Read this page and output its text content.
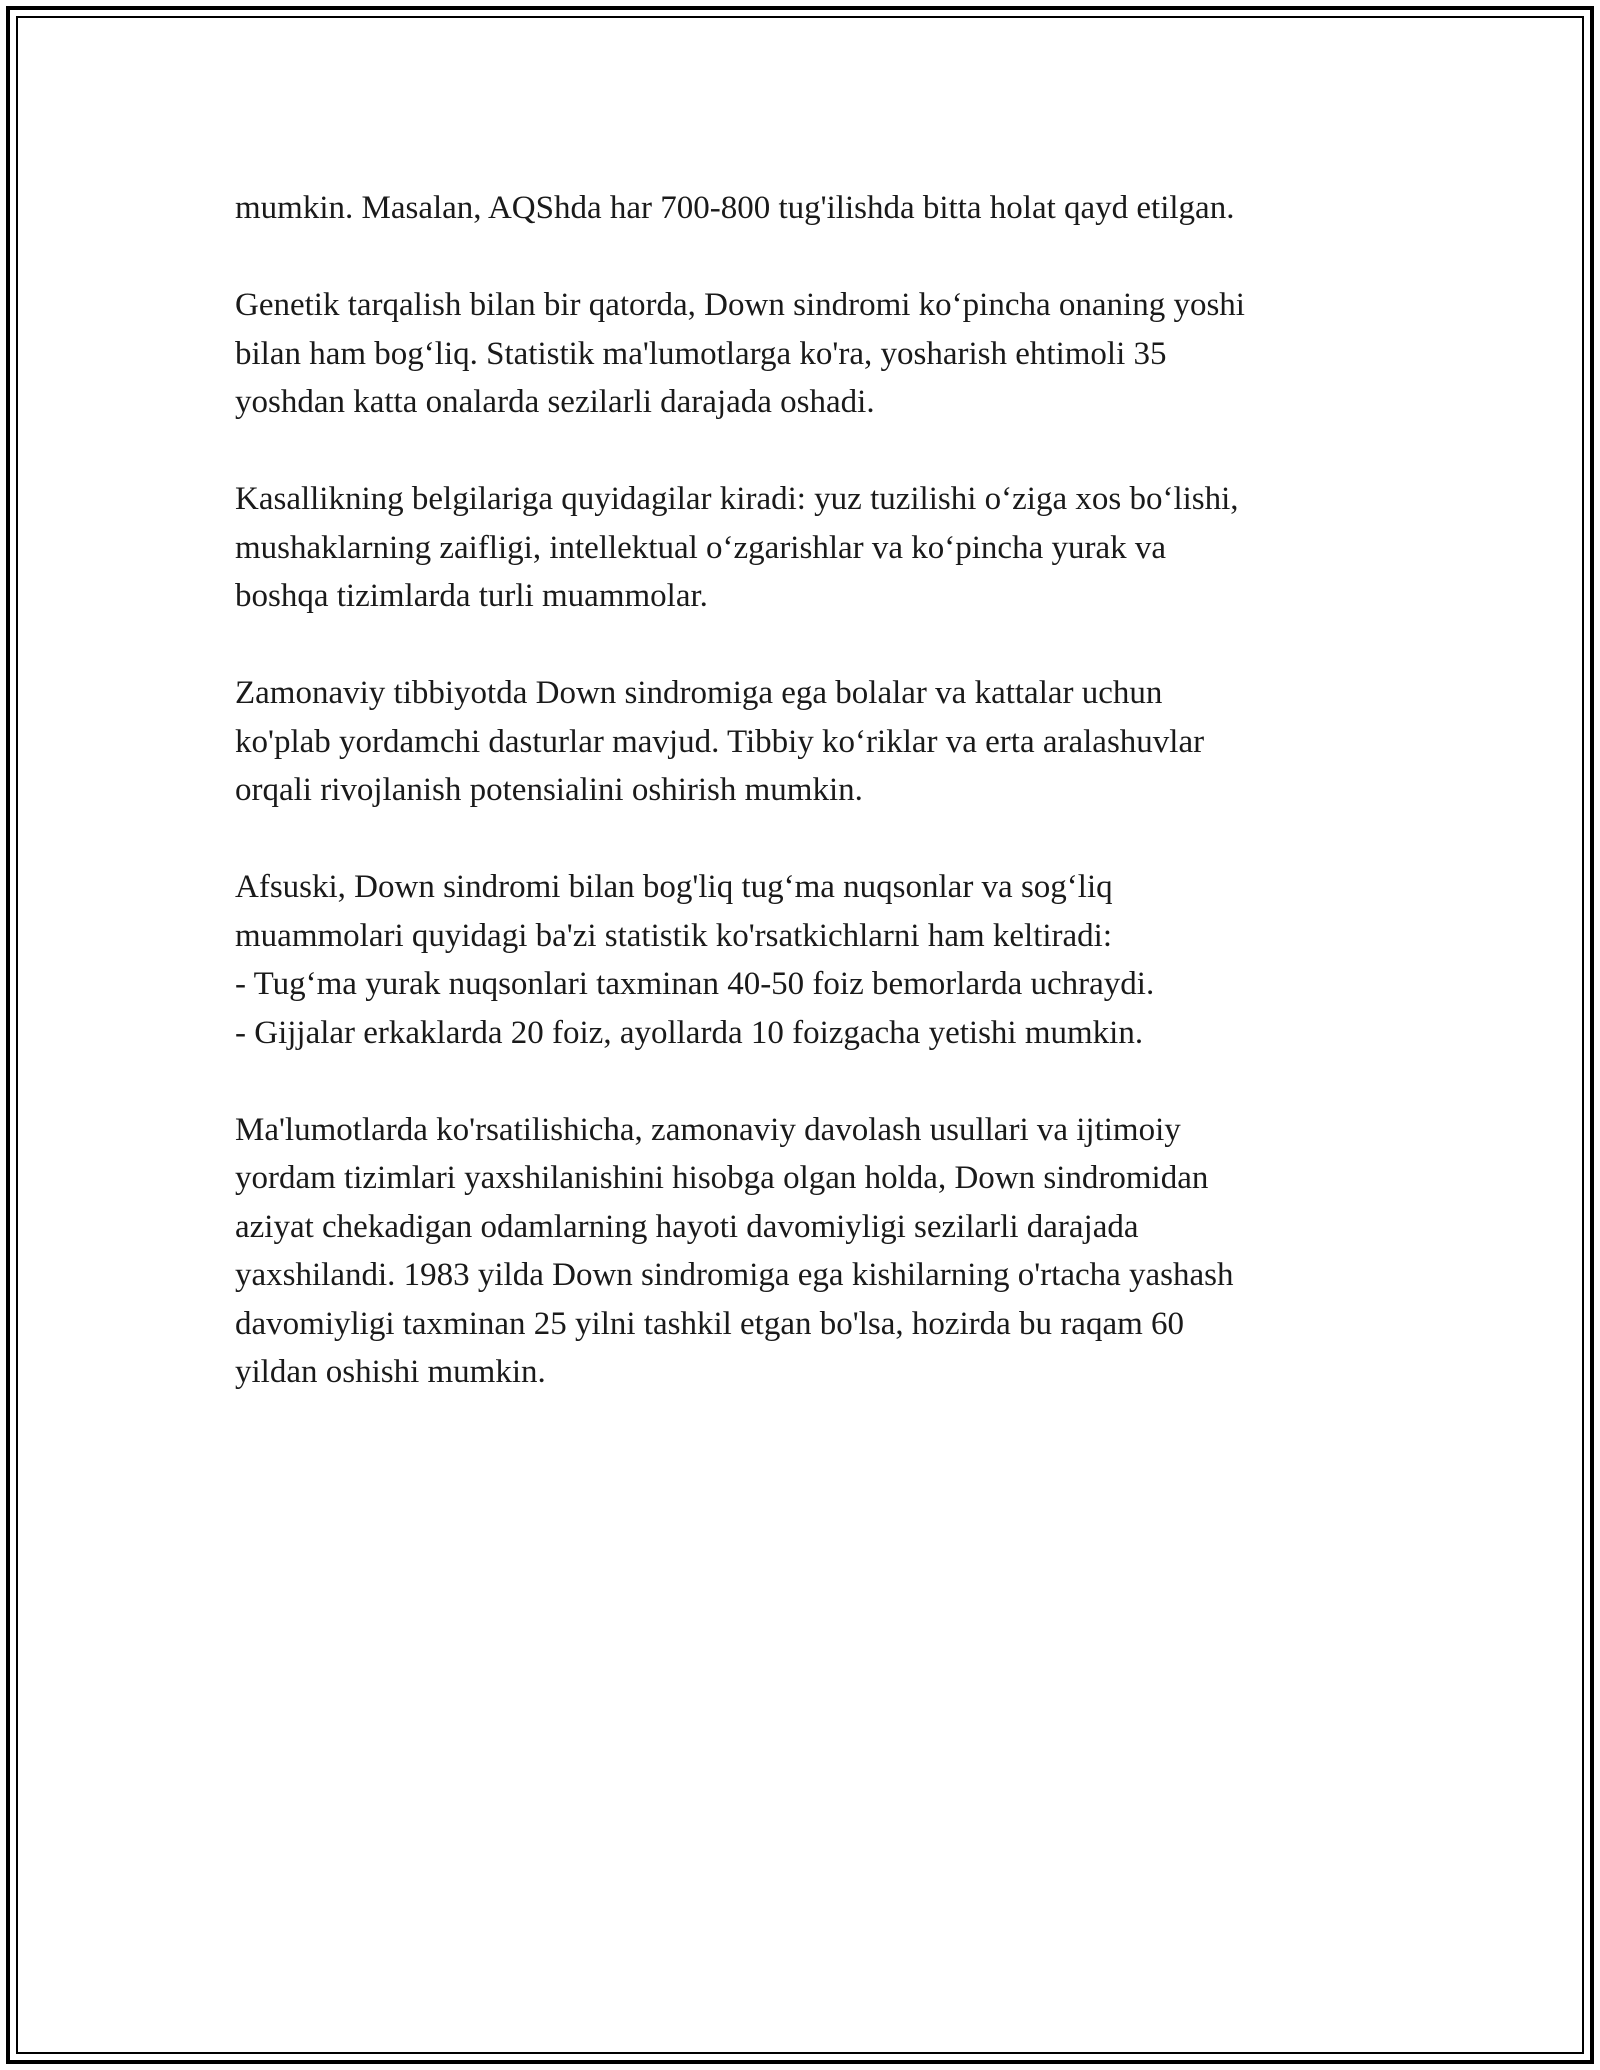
mumkin. Masalan, AQShda har 700-800 tug'ilishda bitta holat qayd etilgan.

Genetik tarqalish bilan bir qatorda, Down sindromi ko‘pincha onaning yoshi
bilan ham bog‘liq. Statistik ma'lumotlarga ko'ra, yosharish ehtimoli 35
yoshdan katta onalarda sezilarli darajada oshadi.

Kasallikning belgilariga quyidagilar kiradi: yuz tuzilishi o‘ziga xos bo‘lishi,
mushaklarning zaifligi, intellektual o‘zgarishlar va ko‘pincha yurak va
boshqa tizimlarda turli muammolar.

Zamonaviy tibbiyotda Down sindromiga ega bolalar va kattalar uchun
ko'plab yordamchi dasturlar mavjud. Tibbiy ko‘riklar va erta aralashuvlar
orqali rivojlanish potensialini oshirish mumkin.

Afsuski, Down sindromi bilan bog'liq tug‘ma nuqsonlar va sog‘liq
muammolari quyidagi ba'zi statistik ko'rsatkichlarni ham keltiradi:
- Tug‘ma yurak nuqsonlari taxminan 40-50 foiz bemorlarda uchraydi.
- Gijjalar erkaklarda 20 foiz, ayollarda 10 foizgacha yetishi mumkin.

Ma'lumotlarda ko'rsatilishicha, zamonaviy davolash usullari va ijtimoiy
yordam tizimlari yaxshilanishini hisobga olgan holda, Down sindromidan
aziyat chekadigan odamlarning hayoti davomiyligi sezilarli darajada
yaxshilandi. 1983 yilda Down sindromiga ega kishilarning o'rtacha yashash
davomiyligi taxminan 25 yilni tashkil etgan bo'lsa, hozirda bu raqam 60
yildan oshishi mumkin.
